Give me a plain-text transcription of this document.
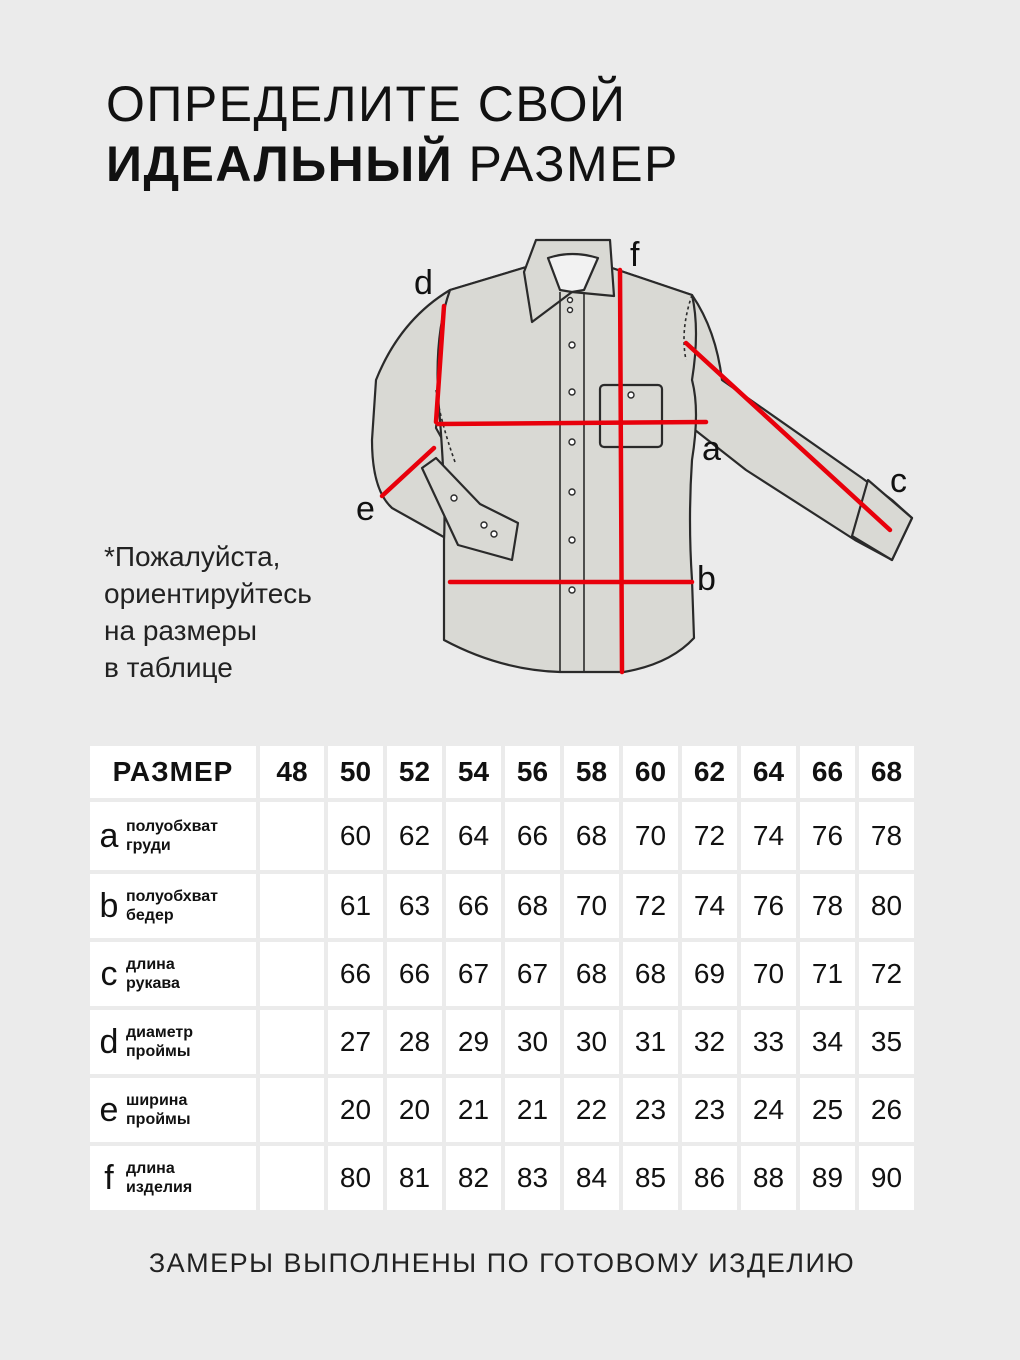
ОПРЕДЕЛИТЕ СВОЙ
ИДЕАЛЬНЫЙ РАЗМЕР
*Пожалуйста,
ориентируйтесь
на размеры
в таблице
a
b
c
d
e
f
РАЗМЕР	48	50	52	54	56	58	60	62	64	66	68

a полуобхват
груди		60	62	64	66	68	70	72	74	76	78

b полуобхват
бедер		61	63	66	68	70	72	74	76	78	80

c длина
рукава		66	66	67	67	68	68	69	70	71	72

d диаметр
проймы		27	28	29	30	30	31	32	33	34	35

e ширина
проймы		20	20	21	21	22	23	23	24	25	26

f длина
изделия		80	81	82	83	84	85	86	88	89	90
ЗАМЕРЫ ВЫПОЛНЕНЫ ПО ГОТОВОМУ ИЗДЕЛИЮ
